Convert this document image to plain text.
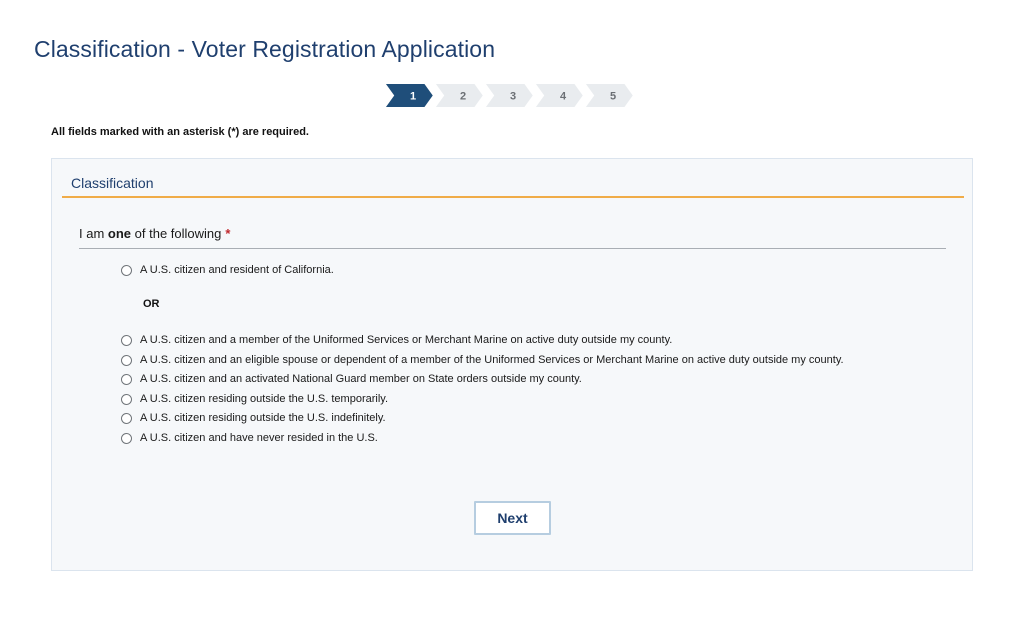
Classification - Voter Registration Application
1	2	3	4	5
All fields marked with an asterisk (*) are required.
Classification
I am one of the following *
A U.S. citizen and resident of California.
OR
A U.S. citizen and a member of the Uniformed Services or Merchant Marine on active duty outside my county.
A U.S. citizen and an eligible spouse or dependent of a member of the Uniformed Services or Merchant Marine on active duty outside my county.
A U.S. citizen and an activated National Guard member on State orders outside my county.
A U.S. citizen residing outside the U.S. temporarily.
A U.S. citizen residing outside the U.S. indefinitely.
A U.S. citizen and have never resided in the U.S.
Next
